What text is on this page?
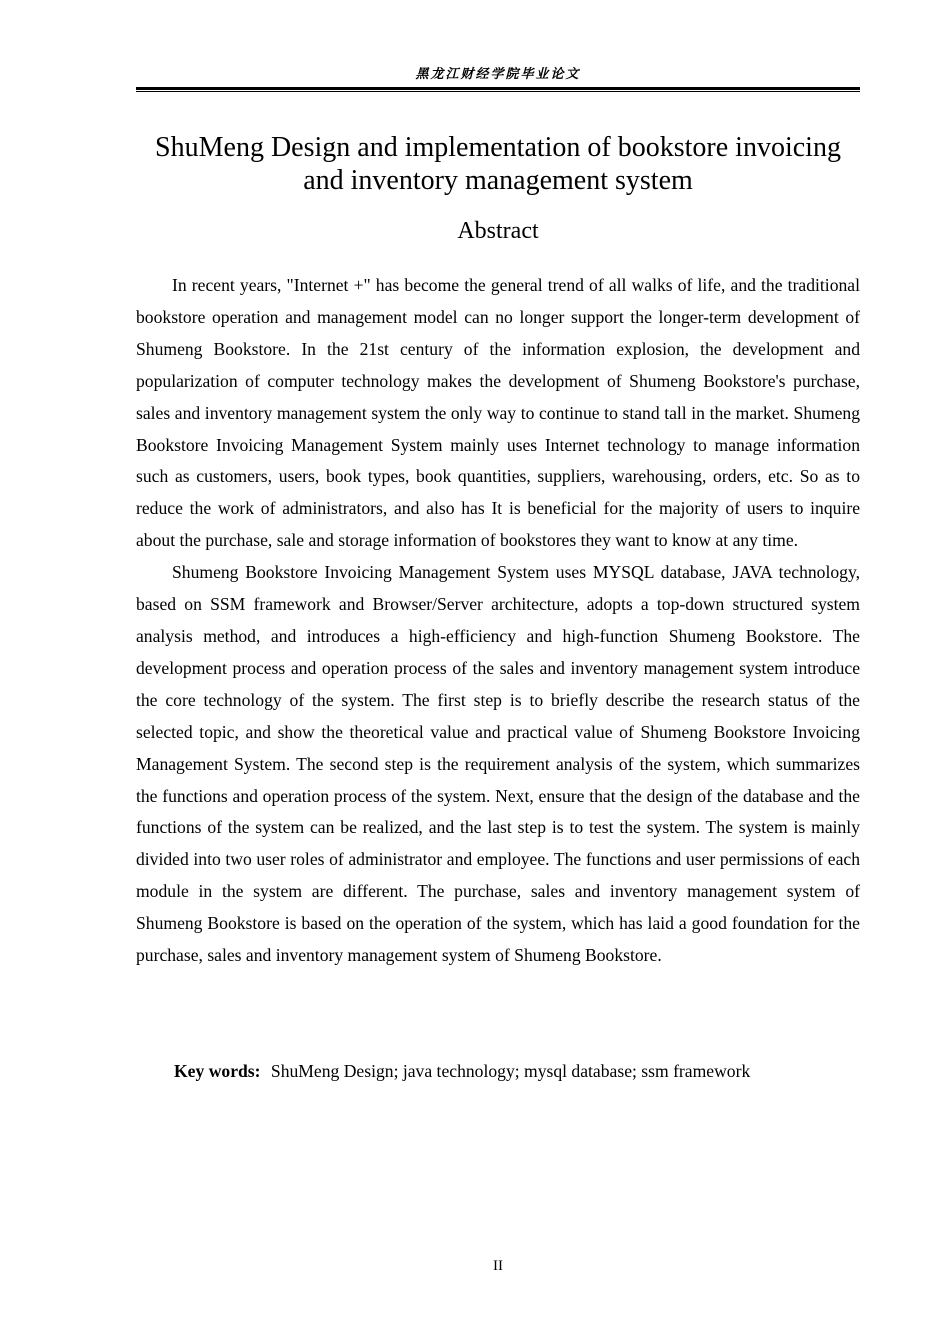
黑龙江财经学院毕业论文
ShuMeng Design and implementation of bookstore invoicing and inventory management system
Abstract

In recent years, "Internet +" has become the general trend of all walks of life, and the traditional bookstore operation and management model can no longer support the longer-term development of Shumeng Bookstore. In the 21st century of the information explosion, the development and popularization of computer technology makes the development of Shumeng Bookstore's purchase, sales and inventory management system the only way to continue to stand tall in the market. Shumeng Bookstore Invoicing Management System mainly uses Internet technology to manage information such as customers, users, book types, book quantities, suppliers, warehousing, orders, etc. So as to reduce the work of administrators, and also has It is beneficial for the majority of users to inquire about the purchase, sale and storage information of bookstores they want to know at any time.

Shumeng Bookstore Invoicing Management System uses MYSQL database, JAVA technology, based on SSM framework and Browser/Server architecture, adopts a top-down structured system analysis method, and introduces a high-efficiency and high-function Shumeng Bookstore. The development process and operation process of the sales and inventory management system introduce the core technology of the system. The first step is to briefly describe the research status of the selected topic, and show the theoretical value and practical value of Shumeng Bookstore Invoicing Management System. The second step is the requirement analysis of the system, which summarizes the functions and operation process of the system. Next, ensure that the design of the database and the functions of the system can be realized, and the last step is to test the system. The system is mainly divided into two user roles of administrator and employee. The functions and user permissions of each module in the system are different. The purchase, sales and inventory management system of Shumeng Bookstore is based on the operation of the system, which has laid a good foundation for the purchase, sales and inventory management system of Shumeng Bookstore.

Key words: ShuMeng Design; java technology; mysql database; ssm framework
II
